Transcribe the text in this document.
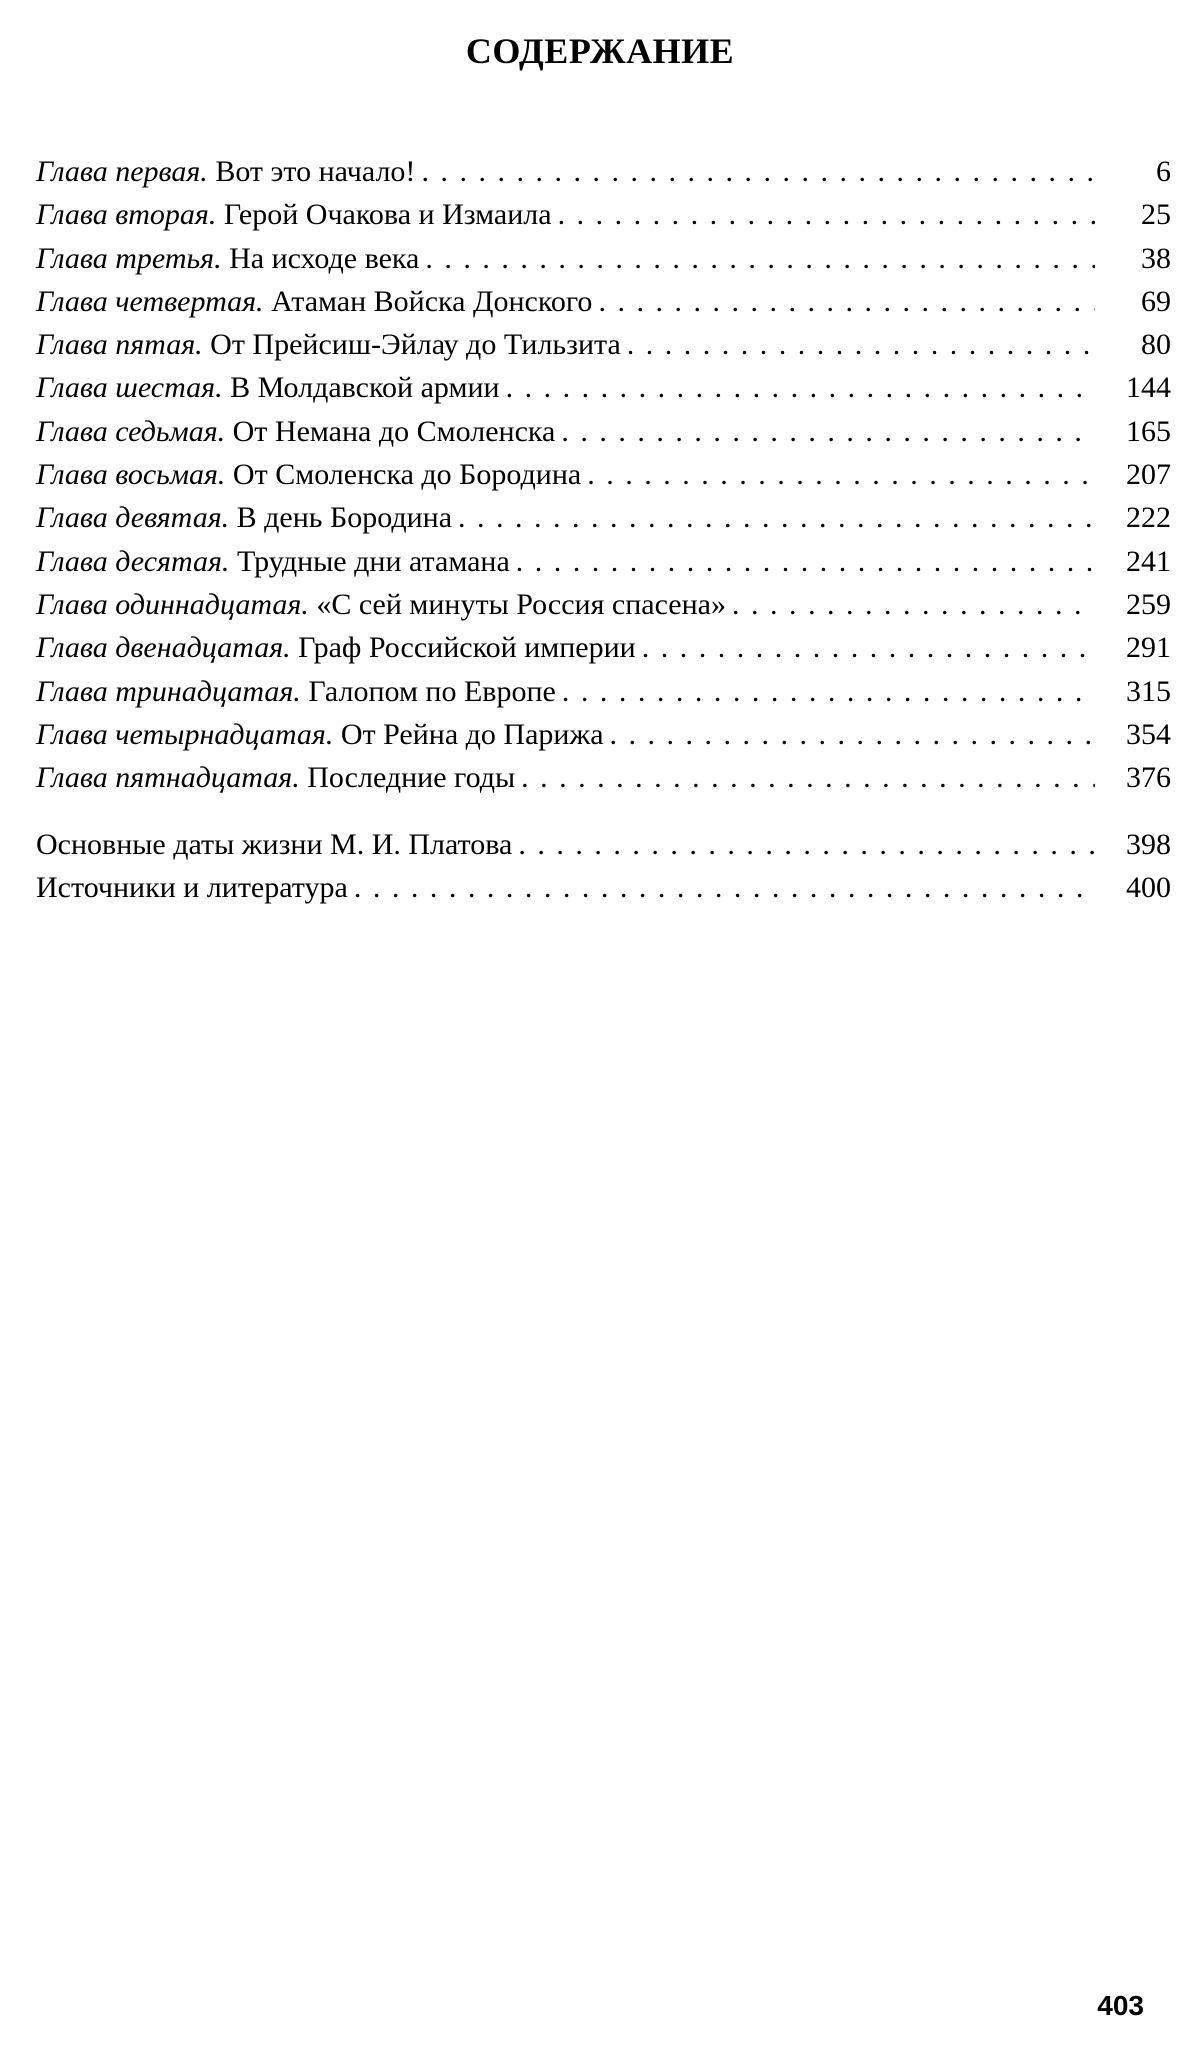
СОДЕРЖАНИЕ
Глава первая. Вот это начало! . . .	6
Глава вторая. Герой Очакова и Измаила . . .	25
Глава третья. На исходе века . . .	38
Глава четвертая. Атаман Войска Донского . . .	69
Глава пятая. От Прейсиш-Эйлау до Тильзита . . .	80
Глава шестая. В Молдавской армии . . .	144
Глава седьмая. От Немана до Смоленска . . .	165
Глава восьмая. От Смоленска до Бородина . . .	207
Глава девятая. В день Бородина . . .	222
Глава десятая. Трудные дни атамана . . .	241
Глава одиннадцатая. «С сей минуты Россия спасена» . . .	259
Глава двенадцатая. Граф Российской империи . . .	291
Глава тринадцатая. Галопом по Европе . . .	315
Глава четырнадцатая. От Рейна до Парижа . . .	354
Глава пятнадцатая. Последние годы . . .	376
Основные даты жизни М. И. Платова . . .	398
Источники и литература . . .	400
403
